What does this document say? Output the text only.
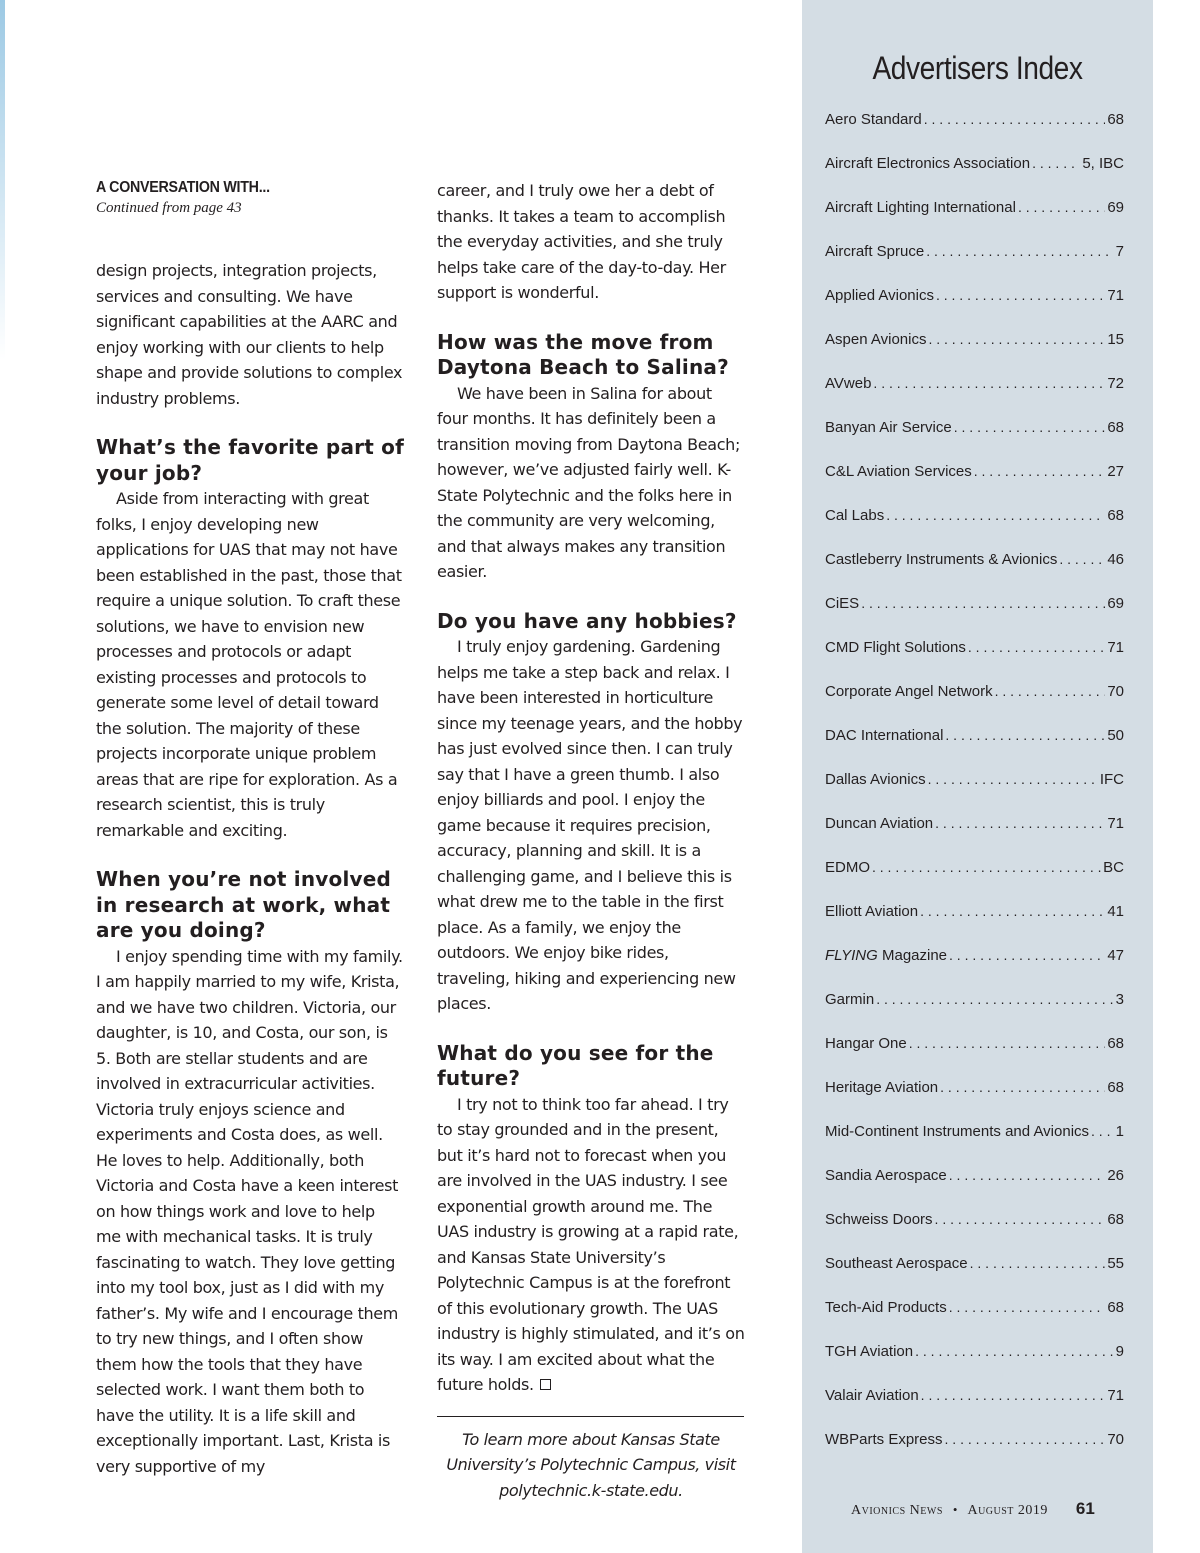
A CONVERSATION WITH...

Continued from page 43

design projects, integration projects, services and consulting. We have significant capabilities at the AARC and enjoy working with our clients to help shape and provide solutions to complex industry problems.

What’s the favorite part of your job?

Aside from interacting with great folks, I enjoy developing new applications for UAS that may not have been established in the past, those that require a unique solution. To craft these solutions, we have to envision new processes and protocols or adapt existing processes and protocols to generate some level of detail toward the solution. The majority of these projects incorporate unique problem areas that are ripe for exploration. As a research scientist, this is truly remarkable and exciting.

When you’re not involved in research at work, what are you doing?

I enjoy spending time with my family. I am happily married to my wife, Krista, and we have two children. Victoria, our daughter, is 10, and Costa, our son, is 5. Both are stellar students and are involved in extracurricular activities. Victoria truly enjoys science and experiments and Costa does, as well. He loves to help. Additionally, both Victoria and Costa have a keen interest on how things work and love to help me with mechanical tasks. It is truly fascinating to watch. They love getting into my tool box, just as I did with my father’s. My wife and I encourage them to try new things, and I often show them how the tools that they have selected work. I want them both to have the utility. It is a life skill and exceptionally important. Last, Krista is very supportive of my

career, and I truly owe her a debt of thanks. It takes a team to accomplish the everyday activities, and she truly helps take care of the day-to-day. Her support is wonderful.

How was the move from Daytona Beach to Salina?

We have been in Salina for about four months. It has definitely been a transition moving from Daytona Beach; however, we’ve adjusted fairly well. K-State Polytechnic and the folks here in the community are very welcoming, and that always makes any transition easier.

Do you have any hobbies?

I truly enjoy gardening. Gardening helps me take a step back and relax. I have been interested in horticulture since my teenage years, and the hobby has just evolved since then. I can truly say that I have a green thumb. I also enjoy billiards and pool. I enjoy the game because it requires precision, accuracy, planning and skill. It is a challenging game, and I believe this is what drew me to the table in the first place. As a family, we enjoy the outdoors. We enjoy bike rides, traveling, hiking and experiencing new places.

What do you see for the future?

I try not to think too far ahead. I try to stay grounded and in the present, but it’s hard not to forecast when you are involved in the UAS industry. I see exponential growth around me. The UAS industry is growing at a rapid rate, and Kansas State University’s Polytechnic Campus is at the forefront of this evolutionary growth. The UAS industry is highly stimulated, and it’s on its way. I am excited about what the future holds.

To learn more about Kansas State University’s Polytechnic Campus, visit polytechnic.k-state.edu.

Advertisers Index
Aero Standard . . .	68
Aircraft Electronics Association . . .	5, IBC
Aircraft Lighting International . . .	69
Aircraft Spruce . . .	7
Applied Avionics . . .	71
Aspen Avionics . . .	15
AVweb . . .	72
Banyan Air Service . . .	68
C&L Aviation Services . . .	27
Cal Labs . . .	68
Castleberry Instruments & Avionics . . .	46
CiES . . .	69
CMD Flight Solutions . . .	71
Corporate Angel Network . . .	70
DAC International . . .	50
Dallas Avionics . . .	IFC
Duncan Aviation . . .	71
EDMO . . .	BC
Elliott Aviation . . .	41
FLYING Magazine . . .	47
Garmin . . .	3
Hangar One . . .	68
Heritage Aviation . . .	68
Mid-Continent Instruments and Avionics . . . 1
Sandia Aerospace . . .	26
Schweiss Doors . . .	68
Southeast Aerospace . . .	55
Tech-Aid Products . . .	68
TGH Aviation . . .	9
Valair Aviation . . .	71
WBParts Express . . .	70
Avionics News • August 2019 61
